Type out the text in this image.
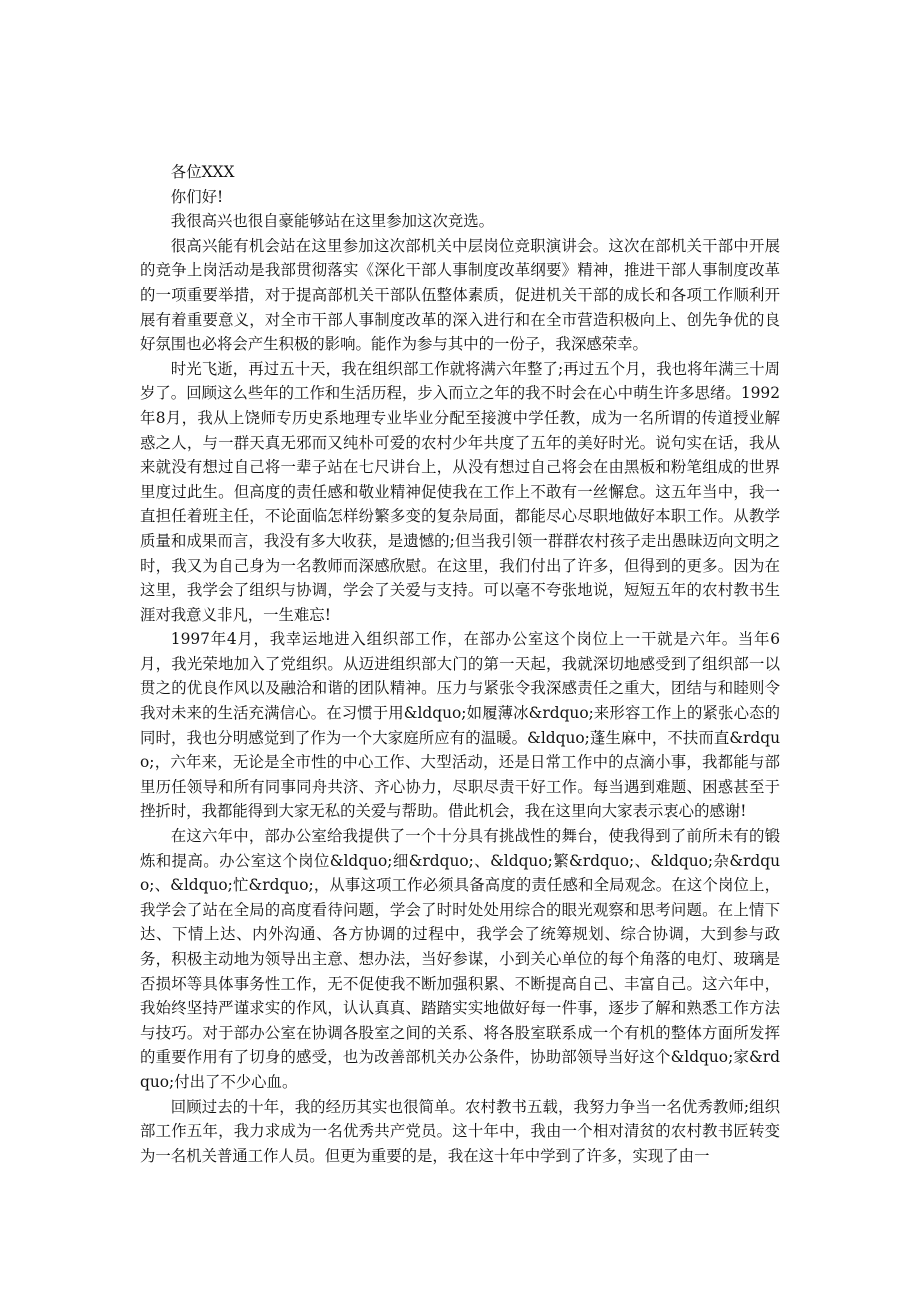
各位XXX

你们好!

我很高兴也很自豪能够站在这里参加这次竞选。

很高兴能有机会站在这里参加这次部机关中层岗位竞职演讲会。这次在部机关干部中开展的竞争上岗活动是我部贯彻落实《深化干部人事制度改革纲要》精神，推进干部人事制度改革的一项重要举措，对于提高部机关干部队伍整体素质，促进机关干部的成长和各项工作顺利开展有着重要意义，对全市干部人事制度改革的深入进行和在全市营造积极向上、创先争优的良好氛围也必将会产生积极的影响。能作为参与其中的一份子，我深感荣幸。

时光飞逝，再过五十天，我在组织部工作就将满六年整了;再过五个月，我也将年满三十周岁了。回顾这么些年的工作和生活历程，步入而立之年的我不时会在心中萌生许多思绪。1992年8月，我从上饶师专历史系地理专业毕业分配至接渡中学任教，成为一名所谓的传道授业解惑之人，与一群天真无邪而又纯朴可爱的农村少年共度了五年的美好时光。说句实在话，我从来就没有想过自己将一辈子站在七尺讲台上，从没有想过自己将会在由黑板和粉笔组成的世界里度过此生。但高度的责任感和敬业精神促使我在工作上不敢有一丝懈怠。这五年当中，我一直担任着班主任，不论面临怎样纷繁多变的复杂局面，都能尽心尽职地做好本职工作。从教学质量和成果而言，我没有多大收获，是遗憾的;但当我引领一群群农村孩子走出愚昧迈向文明之时，我又为自己身为一名教师而深感欣慰。在这里，我们付出了许多，但得到的更多。因为在这里，我学会了组织与协调，学会了关爱与支持。可以毫不夸张地说，短短五年的农村教书生涯对我意义非凡，一生难忘!

1997年4月，我幸运地进入组织部工作，在部办公室这个岗位上一干就是六年。当年6月，我光荣地加入了党组织。从迈进组织部大门的第一天起，我就深切地感受到了组织部一以贯之的优良作风以及融洽和谐的团队精神。压力与紧张令我深感责任之重大，团结与和睦则令我对未来的生活充满信心。在习惯于用&ldquo;如履薄冰&rdquo;来形容工作上的紧张心态的同时，我也分明感觉到了作为一个大家庭所应有的温暖。&ldquo;蓬生麻中，不扶而直&rdquo;，六年来，无论是全市性的中心工作、大型活动，还是日常工作中的点滴小事，我都能与部里历任领导和所有同事同舟共济、齐心协力，尽职尽责干好工作。每当遇到难题、困惑甚至于挫折时，我都能得到大家无私的关爱与帮助。借此机会，我在这里向大家表示衷心的感谢!

在这六年中，部办公室给我提供了一个十分具有挑战性的舞台，使我得到了前所未有的锻炼和提高。办公室这个岗位&ldquo;细&rdquo;、&ldquo;繁&rdquo;、&ldquo;杂&rdquo;、&ldquo;忙&rdquo;，从事这项工作必须具备高度的责任感和全局观念。在这个岗位上，我学会了站在全局的高度看待问题，学会了时时处处用综合的眼光观察和思考问题。在上情下达、下情上达、内外沟通、各方协调的过程中，我学会了统筹规划、综合协调，大到参与政务，积极主动地为领导出主意、想办法，当好参谋，小到关心单位的每个角落的电灯、玻璃是否损坏等具体事务性工作，无不促使我不断加强积累、不断提高自己、丰富自己。这六年中，我始终坚持严谨求实的作风，认认真真、踏踏实实地做好每一件事，逐步了解和熟悉工作方法与技巧。对于部办公室在协调各股室之间的关系、将各股室联系成一个有机的整体方面所发挥的重要作用有了切身的感受，也为改善部机关办公条件，协助部领导当好这个&ldquo;家&rdquo;付出了不少心血。

回顾过去的十年，我的经历其实也很简单。农村教书五载，我努力争当一名优秀教师;组织部工作五年，我力求成为一名优秀共产党员。这十年中，我由一个相对清贫的农村教书匠转变为一名机关普通工作人员。但更为重要的是，我在这十年中学到了许多，实现了由一
